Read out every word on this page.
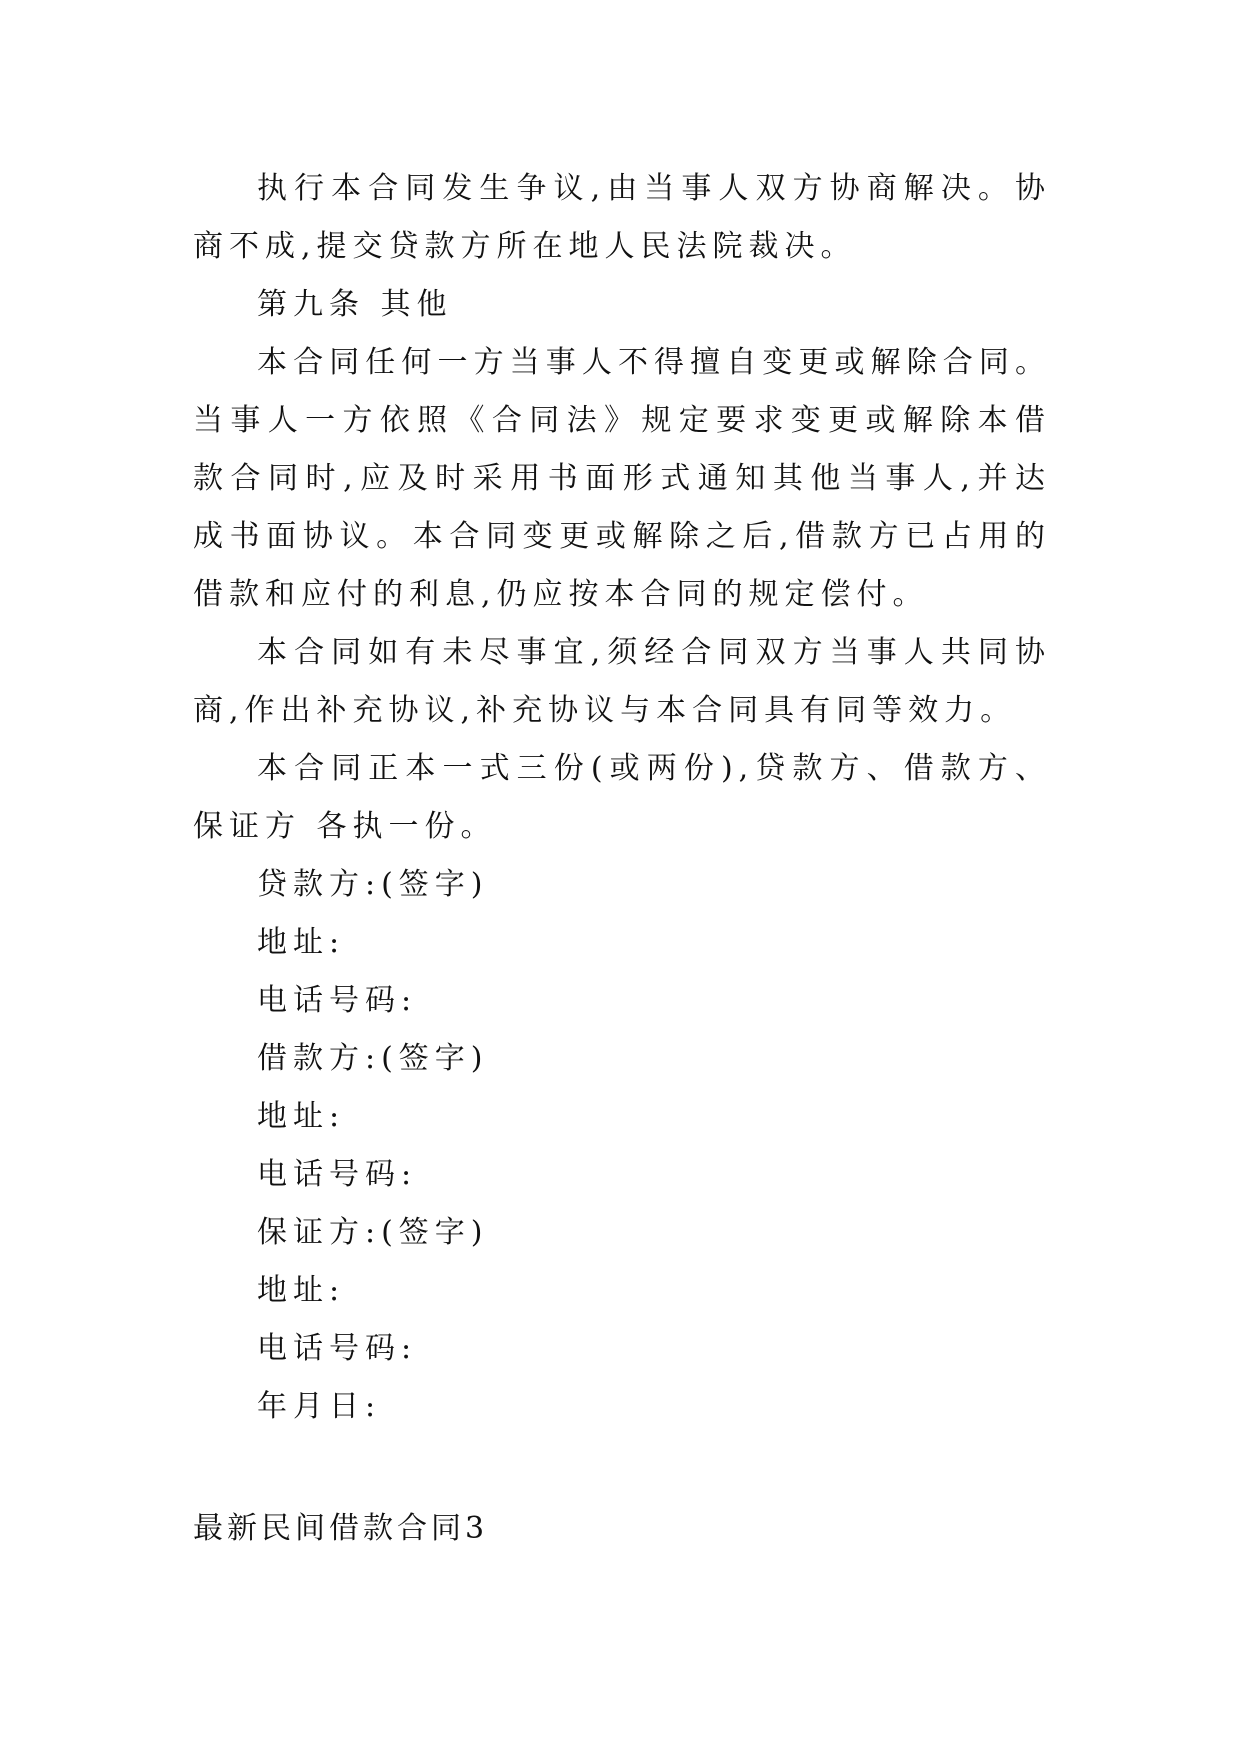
执行本合同发生争议,由当事人双方协商解决。协商不成,提交贷款方所在地人民法院裁决。

第九条 其他

本合同任何一方当事人不得擅自变更或解除合同。当事人一方依照《合同法》规定要求变更或解除本借款合同时,应及时采用书面形式通知其他当事人,并达成书面协议。本合同变更或解除之后,借款方已占用的借款和应付的利息,仍应按本合同的规定偿付。

本合同如有未尽事宜,须经合同双方当事人共同协商,作出补充协议,补充协议与本合同具有同等效力。

本合同正本一式三份(或两份),贷款方、借款方、保证方 各执一份。

贷款方:(签字)

地址:

电话号码:

借款方:(签字)

地址:

电话号码:

保证方:(签字)

地址:

电话号码:

年月日:

最新民间借款合同3
